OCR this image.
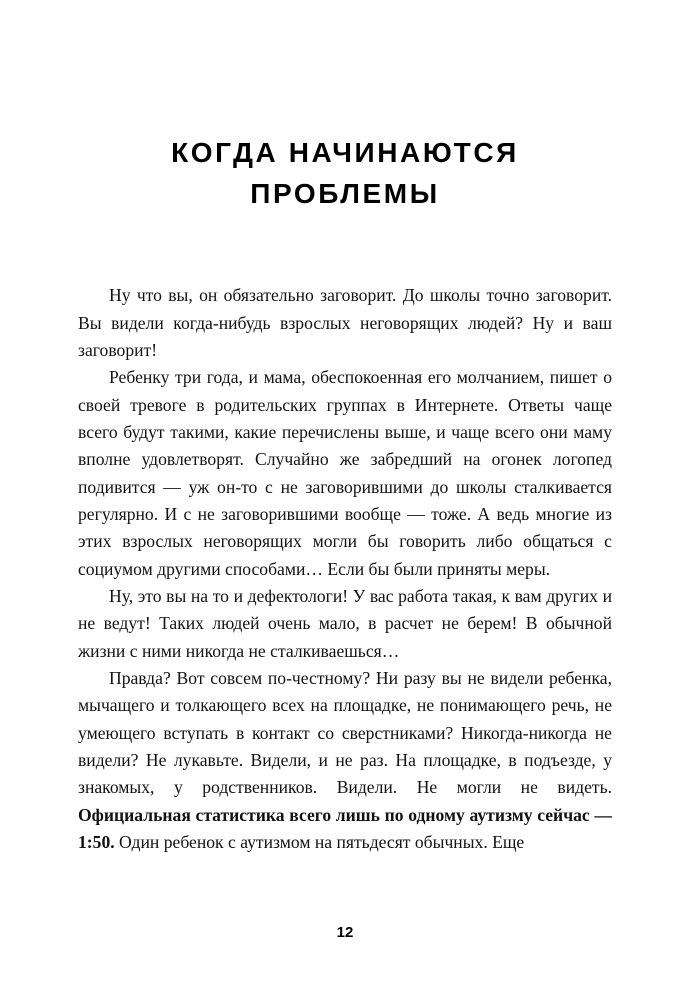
КОГДА НАЧИНАЮТСЯ
ПРОБЛЕМЫ

Ну что вы, он обязательно заговорит. До школы точно заговорит. Вы видели когда-нибудь взрослых неговорящих людей? Ну и ваш заговорит!

Ребенку три года, и мама, обеспокоенная его молчанием, пишет о своей тревоге в родительских группах в Интернете. Ответы чаще всего будут такими, какие перечислены выше, и чаще всего они маму вполне удовлетворят. Случайно же забредший на огонек логопед подивится — уж он-то с не заговорившими до школы сталкивается регулярно. И с не заговорившими вообще — тоже. А ведь многие из этих взрослых неговорящих могли бы говорить либо общаться с социумом другими способами… Если бы были приняты меры.

Ну, это вы на то и дефектологи! У вас работа такая, к вам других и не ведут! Таких людей очень мало, в расчет не берем! В обычной жизни с ними никогда не сталкиваешься…

Правда? Вот совсем по-честному? Ни разу вы не видели ребенка, мычащего и толкающего всех на площадке, не понимающего речь, не умеющего вступать в контакт со сверстниками? Никогда-никогда не видели? Не лукавьте. Видели, и не раз. На площадке, в подъезде, у знакомых, у родственников. Видели. Не могли не видеть. Официальная статистика всего лишь по одному аутизму сейчас — 1:50. Один ребенок с аутизмом на пятьдесят обычных. Еще

12
